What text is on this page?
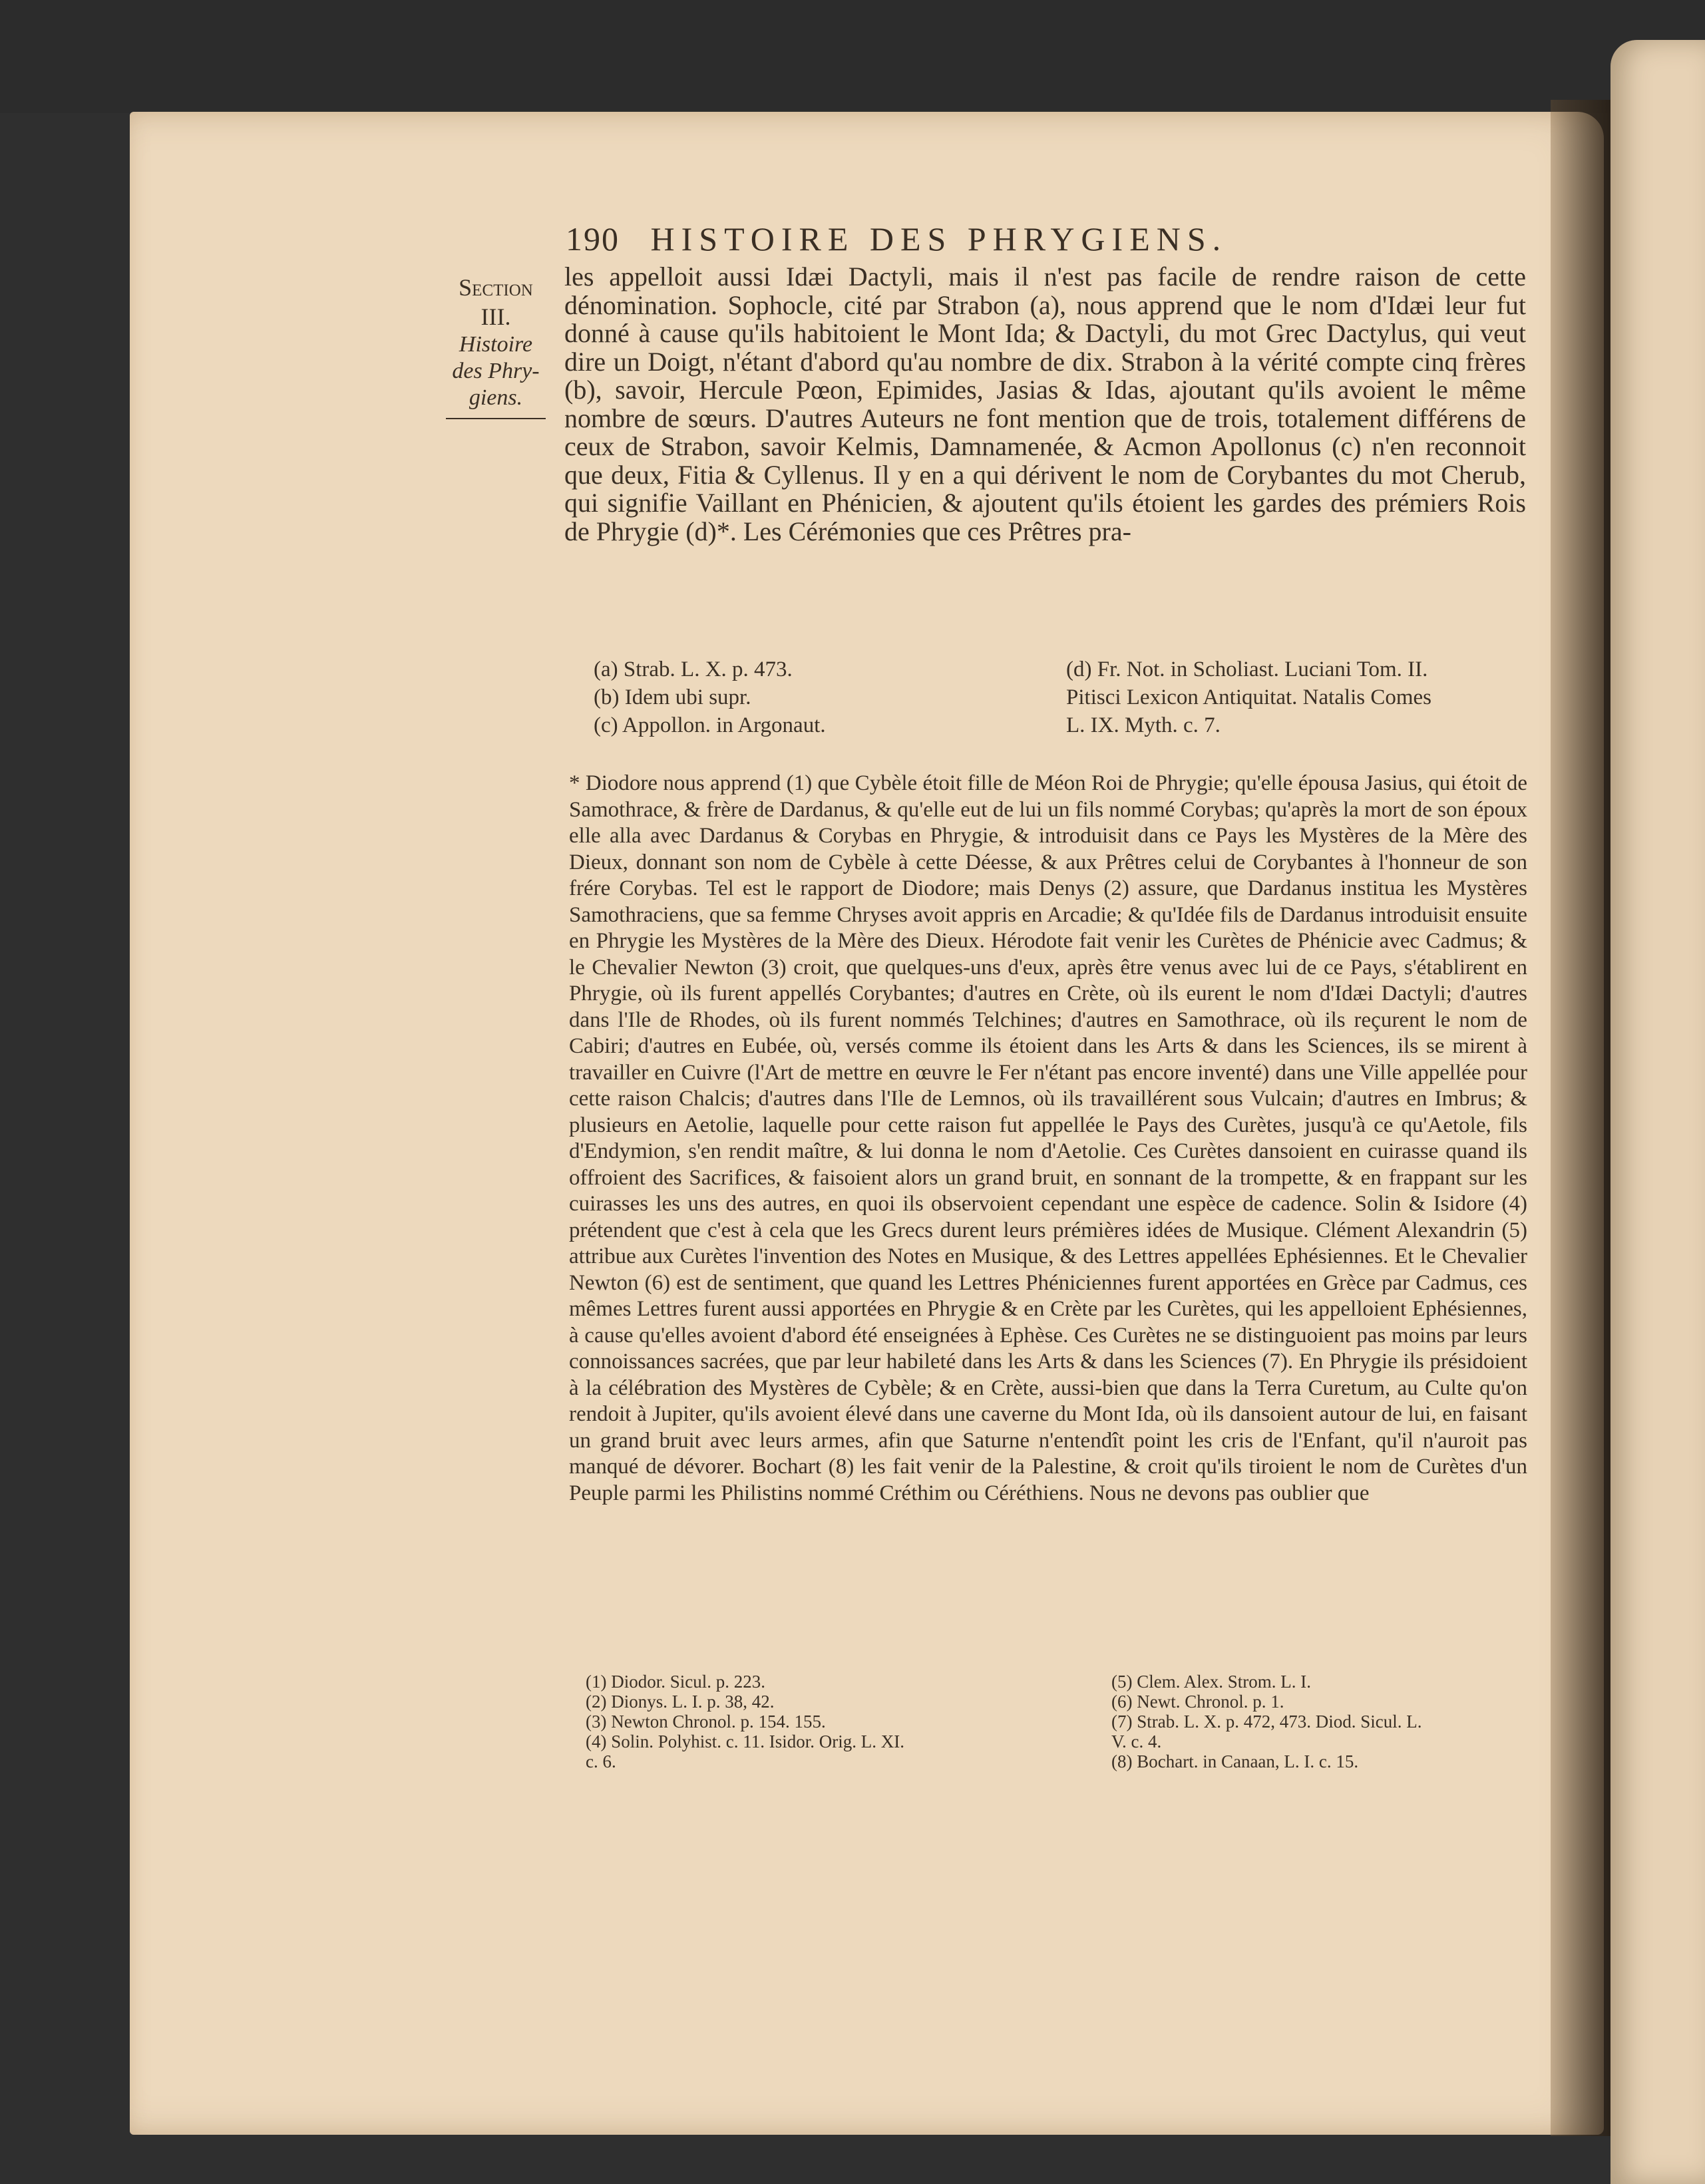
190 HISTOIRE DES PHRYGIENS.
Section
III.
Histoire
des Phry-
giens.

les appelloit aussi Idæi Dactyli, mais il n'est pas facile de rendre raison de cette dénomination. Sophocle, cité par Strabon (a), nous apprend que le nom d'Idæi leur fut donné à cause qu'ils habitoient le Mont Ida; & Dactyli, du mot Grec Dactylus, qui veut dire un Doigt, n'étant d'abord qu'au nombre de dix. Strabon à la vérité compte cinq frères (b), savoir, Hercule Pœon, Epimides, Jasias & Idas, ajoutant qu'ils avoient le même nombre de sœurs. D'autres Auteurs ne font mention que de trois, totalement différens de ceux de Strabon, savoir Kelmis, Damnamenée, & Acmon Apollonus (c) n'en reconnoit que deux, Fitia & Cyllenus. Il y en a qui dérivent le nom de Corybantes du mot Cherub, qui signifie Vaillant en Phénicien, & ajoutent qu'ils étoient les gardes des prémiers Rois de Phrygie (d)*. Les Cérémonies que ces Prêtres pra-

(a) Strab. L. X. p. 473.
(b) Idem ubi supr.
(c) Appollon. in Argonaut.
(d) Fr. Not. in Scholiast. Luciani Tom. II.
Pitisci Lexicon Antiquitat. Natalis Comes
L. IX. Myth. c. 7.

* Diodore nous apprend (1) que Cybèle étoit fille de Méon Roi de Phrygie; qu'elle épousa Jasius, qui étoit de Samothrace, & frère de Dardanus, & qu'elle eut de lui un fils nommé Corybas; qu'après la mort de son époux elle alla avec Dardanus & Corybas en Phrygie, & introduisit dans ce Pays les Mystères de la Mère des Dieux, donnant son nom de Cybèle à cette Déesse, & aux Prêtres celui de Corybantes à l'honneur de son frére Corybas. Tel est le rapport de Diodore; mais Denys (2) assure, que Dardanus institua les Mystères Samothraciens, que sa femme Chryses avoit appris en Arcadie; & qu'Idée fils de Dardanus introduisit ensuite en Phrygie les Mystères de la Mère des Dieux. Hérodote fait venir les Curètes de Phénicie avec Cadmus; & le Chevalier Newton (3) croit, que quelques-uns d'eux, après être venus avec lui de ce Pays, s'établirent en Phrygie, où ils furent appellés Corybantes; d'autres en Crète, où ils eurent le nom d'Idæi Dactyli; d'autres dans l'Ile de Rhodes, où ils furent nommés Telchines; d'autres en Samothrace, où ils reçurent le nom de Cabiri; d'autres en Eubée, où, versés comme ils étoient dans les Arts & dans les Sciences, ils se mirent à travailler en Cuivre (l'Art de mettre en œuvre le Fer n'étant pas encore inventé) dans une Ville appellée pour cette raison Chalcis; d'autres dans l'Ile de Lemnos, où ils travaillérent sous Vulcain; d'autres en Imbrus; & plusieurs en Aetolie, laquelle pour cette raison fut appellée le Pays des Curètes, jusqu'à ce qu'Aetole, fils d'Endymion, s'en rendit maître, & lui donna le nom d'Aetolie. Ces Curètes dansoient en cuirasse quand ils offroient des Sacrifices, & faisoient alors un grand bruit, en sonnant de la trompette, & en frappant sur les cuirasses les uns des autres, en quoi ils observoient cependant une espèce de cadence. Solin & Isidore (4) prétendent que c'est à cela que les Grecs durent leurs prémières idées de Musique. Clément Alexandrin (5) attribue aux Curètes l'invention des Notes en Musique, & des Lettres appellées Ephésiennes. Et le Chevalier Newton (6) est de sentiment, que quand les Lettres Phéniciennes furent apportées en Grèce par Cadmus, ces mêmes Lettres furent aussi apportées en Phrygie & en Crète par les Curètes, qui les appelloient Ephésiennes, à cause qu'elles avoient d'abord été enseignées à Ephèse. Ces Curètes ne se distinguoient pas moins par leurs connoissances sacrées, que par leur habileté dans les Arts & dans les Sciences (7). En Phrygie ils présidoient à la célébration des Mystères de Cybèle; & en Crète, aussi-bien que dans la Terra Curetum, au Culte qu'on rendoit à Jupiter, qu'ils avoient élevé dans une caverne du Mont Ida, où ils dansoient autour de lui, en faisant un grand bruit avec leurs armes, afin que Saturne n'entendît point les cris de l'Enfant, qu'il n'auroit pas manqué de dévorer. Bochart (8) les fait venir de la Palestine, & croit qu'ils tiroient le nom de Curètes d'un Peuple parmi les Philistins nommé Créthim ou Céréthiens. Nous ne devons pas oublier que

(1) Diodor. Sicul. p. 223.
(2) Dionys. L. I. p. 38, 42.
(3) Newton Chronol. p. 154. 155.
(4) Solin. Polyhist. c. 11. Isidor. Orig. L. XI.
c. 6.
(5) Clem. Alex. Strom. L. I.
(6) Newt. Chronol. p. 1.
(7) Strab. L. X. p. 472, 473. Diod. Sicul. L.
V. c. 4.
(8) Bochart. in Canaan, L. I. c. 15.
